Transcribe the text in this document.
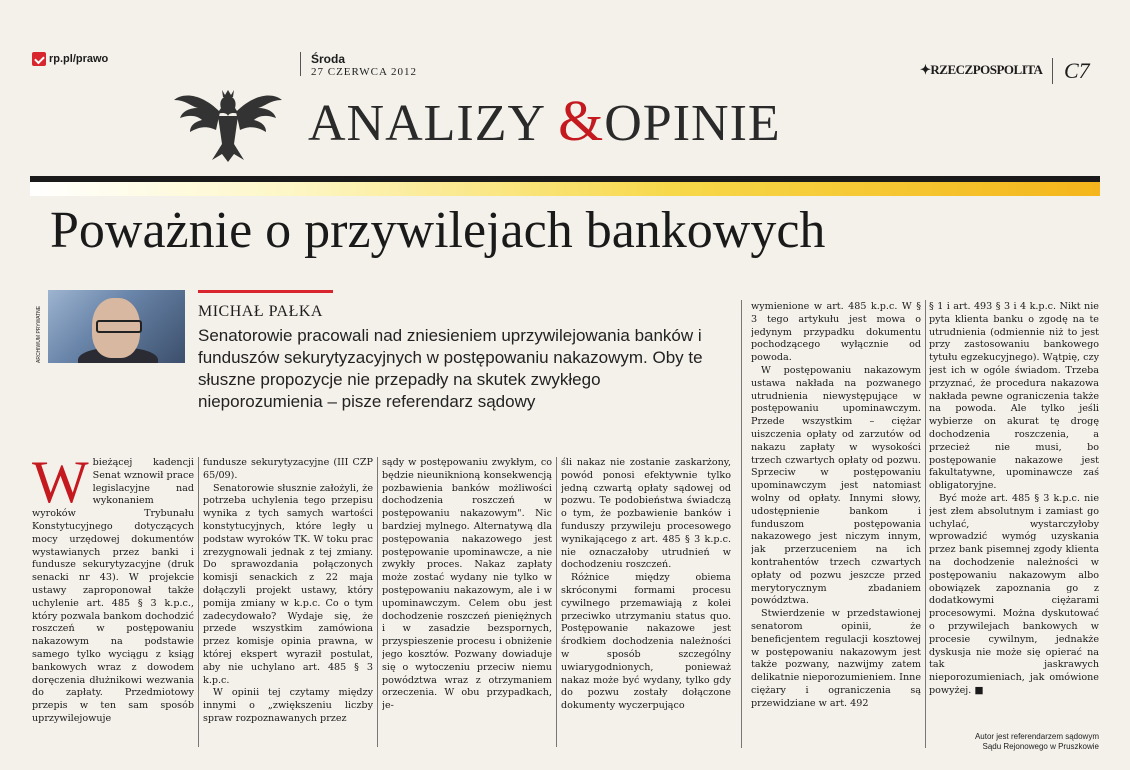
rp.pl/prawo	Środa
27 CZERWCA 2012	✦RZECZPOSPOLITA C7
ANALIZY &OPINIE
Poważnie o przywilejach bankowych
ARCHIWUM PRYWATNE	MICHAŁ PAŁKA
Senatorowie pracowali nad zniesieniem uprzywilejowania banków i funduszów sekurytyzacyjnych w postępowaniu nakazowym. Oby te słuszne propozycje nie przepadły na skutek zwykłego nieporozumienia – pisze referendarz sądowy
W bieżącej kadencji Senat wznowił prace legislacyjne nad wykonaniem wyroków Trybunału Konstytucyjnego dotyczących mocy urzędowej dokumentów wystawianych przez banki i fundusze sekurytyzacyjne (druk senacki nr 43). W projekcie ustawy zaproponował także uchylenie art. 485 § 3 k.p.c., który pozwala bankom dochodzić roszczeń w postępowaniu nakazowym na podstawie samego tylko wyciągu z ksiąg bankowych wraz z dowodem doręczenia dłużnikowi wezwania do zapłaty. Przedmiotowy przepis w ten sam sposób uprzywilejowuje

fundusze sekurytyzacyjne (III CZP 65/09).

Senatorowie słusznie założyli, że potrzeba uchylenia tego przepisu wynika z tych samych wartości konstytucyjnych, które legły u podstaw wyroków TK. W toku prac zrezygnowali jednak z tej zmiany. Do sprawozdania połączonych komisji senackich z 22 maja dołączyli projekt ustawy, który pomija zmiany w k.p.c. Co o tym zadecydowało? Wydaje się, że przede wszystkim zamówiona przez komisje opinia prawna, w której ekspert wyraził postulat, aby nie uchylano art. 485 § 3 k.p.c.

W opinii tej czytamy między innymi o „zwiększeniu liczby spraw rozpoznawanych przez

sądy w postępowaniu zwykłym, co będzie nieuniknioną konsekwencją pozbawienia banków możliwości dochodzenia roszczeń w postępowaniu nakazowym". Nic bardziej mylnego. Alternatywą dla postępowania nakazowego jest postępowanie upominawcze, a nie zwykły proces. Nakaz zapłaty może zostać wydany nie tylko w postępowaniu nakazowym, ale i w upominawczym. Celem obu jest dochodzenie roszczeń pieniężnych i w zasadzie bezspornych, przyspieszenie procesu i obniżenie jego kosztów. Pozwany dowiaduje się o wytoczeniu przeciw niemu powództwa wraz z otrzymaniem orzeczenia. W obu przypadkach, je-

śli nakaz nie zostanie zaskarżony, powód ponosi efektywnie tylko jedną czwartą opłaty sądowej od pozwu. Te podobieństwa świadczą o tym, że pozbawienie banków i funduszy przywileju procesowego wynikającego z art. 485 § 3 k.p.c. nie oznaczałoby utrudnień w dochodzeniu roszczeń.

Różnice między obiema skróconymi formami procesu cywilnego przemawiają z kolei przeciwko utrzymaniu status quo. Postępowanie nakazowe jest środkiem dochodzenia należności w sposób szczególny uwiarygodnionych, ponieważ nakaz może być wydany, tylko gdy do pozwu zostały dołączone dokumenty wyczerpująco

wymienione w art. 485 k.p.c. W § 3 tego artykułu jest mowa o jedynym przypadku dokumentu pochodzącego wyłącznie od powoda.

W postępowaniu nakazowym ustawa nakłada na pozwanego utrudnienia niewystępujące w postępowaniu upominawczym. Przede wszystkim – ciężar uiszczenia opłaty od zarzutów od nakazu zapłaty w wysokości trzech czwartych opłaty od pozwu. Sprzeciw w postępowaniu upominawczym jest natomiast wolny od opłaty. Innymi słowy, udostępnienie bankom i funduszom postępowania nakazowego jest niczym innym, jak przerzuceniem na ich kontrahentów trzech czwartych opłaty od pozwu jeszcze przed merytorycznym zbadaniem powództwa.

Stwierdzenie w przedstawionej senatorom opinii, że beneficjentem regulacji kosztowej w postępowaniu nakazowym jest także pozwany, nazwijmy zatem delikatnie nieporozumieniem. Inne ciężary i ograniczenia są przewidziane w art. 492

§ 1 i art. 493 § 3 i 4 k.p.c. Nikt nie pyta klienta banku o zgodę na te utrudnienia (odmiennie niż to jest przy zastosowaniu bankowego tytułu egzekucyjnego). Wątpię, czy jest ich w ogóle świadom. Trzeba przyznać, że procedura nakazowa nakłada pewne ograniczenia także na powoda. Ale tylko jeśli wybierze on akurat tę drogę dochodzenia roszczenia, a przecież nie musi, bo postępowanie nakazowe jest fakultatywne, upominawcze zaś obligatoryjne.

Być może art. 485 § 3 k.p.c. nie jest złem absolutnym i zamiast go uchylać, wystarczyłoby wprowadzić wymóg uzyskania przez bank pisemnej zgody klienta na dochodzenie należności w postępowaniu nakazowym albo obowiązek zapoznania go z dodatkowymi ciężarami procesowymi. Można dyskutować o przywilejach bankowych w procesie cywilnym, jednakże dyskusja nie może się opierać na tak jaskrawych nieporozumieniach, jak omówione powyżej. ■

Autor jest referendarzem sądowym
Sądu Rejonowego w Pruszkowie
